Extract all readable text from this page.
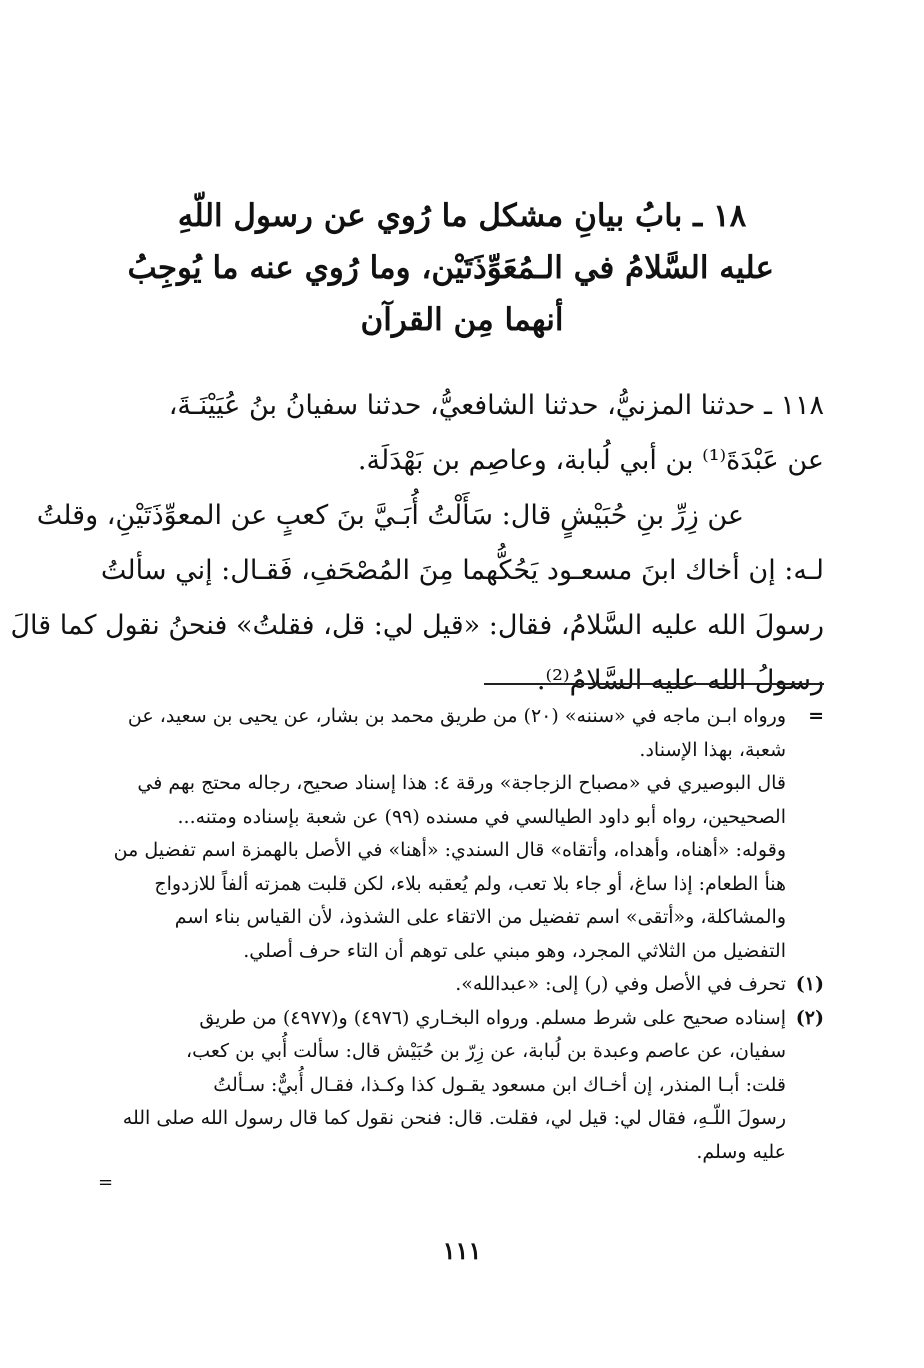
١٨ ـ بابُ بيانِ مشكل ما رُوي عن رسول اللّهِ
عليه السَّلامُ في الـمُعَوِّذَتَيْن، وما رُوي عنه ما يُوجِبُ
أنهما مِن القرآن

١١٨ ـ حدثنا المزنيُّ، حدثنا الشافعيُّ، حدثنا سفيانُ بنُ عُيَيْنَـةَ،

عن عَبْدَةَ⁽¹⁾ بن أبي لُبابة، وعاصِم بن بَهْدَلَة.

عن زِرِّ بنِ حُبَيْشٍ قال: سَأَلْتُ أُبَـيَّ بنَ كعبٍ عن المعوِّذَتَيْنِ، وقلتُ

لـه: إن أخاك ابنَ مسعـود يَحُكُّهما مِنَ المُصْحَفِ، فَقـال: إني سألتُ

رسولَ الله عليه السَّلامُ، فقال: «قيل لي: قل، فقلتُ» فنحنُ نقول كما قالَ

رسولُ الله عليه السَّلامُ⁽²⁾.

=
ورواه ابـن ماجه في «سننه» (٢٠) من طريق محمد بن بشار، عن يحيى بن سعيد، عن
شعبة، بهذا الإسناد.
قال البوصيري في «مصباح الزجاجة» ورقة ٤: هذا إسناد صحيح، رجاله محتج بهم في
الصحيحين، رواه أبو داود الطيالسي في مسنده (٩٩) عن شعبة بإسناده ومتنه...
وقوله: «أهناه، وأهداه، وأتقاه» قال السندي: «أهنا» في الأصل بالهمزة اسم تفضيل من
هنأ الطعام: إذا ساغ، أو جاء بلا تعب، ولم يُعقبه بلاء، لكن قلبت همزته ألفاً للازدواج
والمشاكلة، و«أتقى» اسم تفضيل من الاتقاء على الشذوذ، لأن القياس بناء اسم
التفضيل من الثلاثي المجرد، وهو مبني على توهم أن التاء حرف أصلي.
(١)
تحرف في الأصل وفي (ر) إلى: «عبدالله».
(٢)
إسناده صحيح على شرط مسلم. ورواه البخـاري (٤٩٧٦) و(٤٩٧٧) من طريق
سفيان، عن عاصم وعبدة بن لُبابة، عن زِرّ بن حُبَيْش قال: سألت أُبي بن كعب،
قلت: أبـا المنذر، إن أخـاك ابن مسعود يقـول كذا وكـذا، فقـال أُبيٌّ: سـألتُ
رسولَ اللّـهِ، فقال لي: قيل لي، فقلت. قال: فنحن نقول كما قال رسول الله صلى الله
عليه وسلم.
=
١١١
